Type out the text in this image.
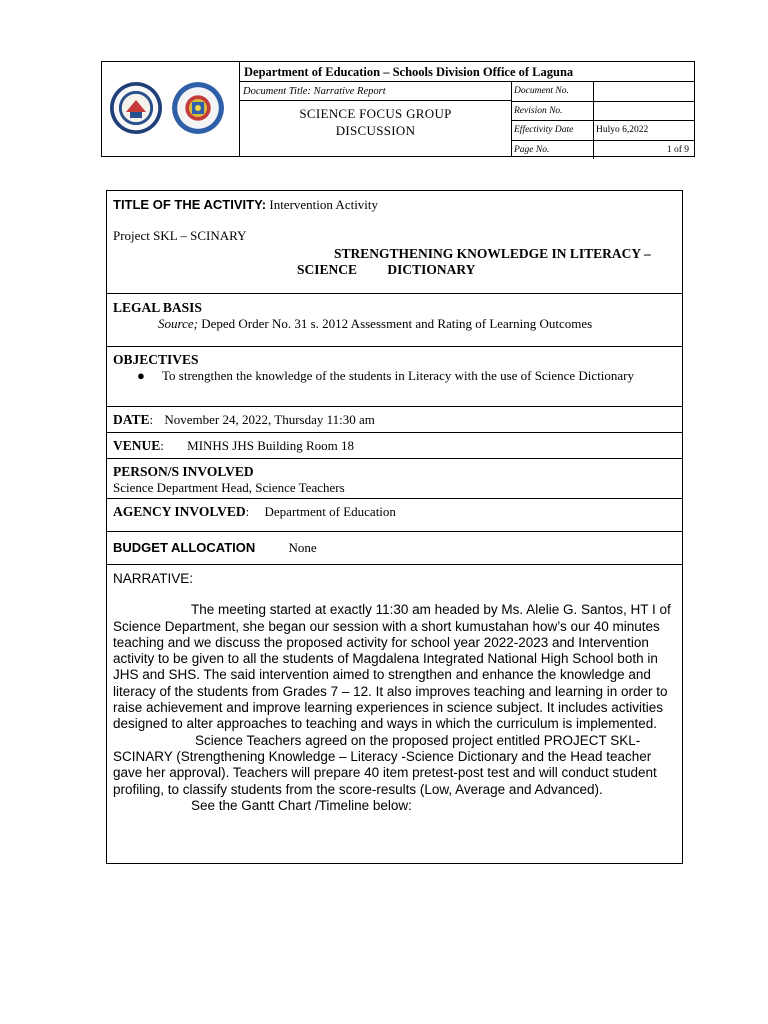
Department of Education – Schools Division Office of Laguna
Document Title: Narrative Report
SCIENCE FOCUS GROUP
DISCUSSION
Document No.
Revision No.
Effectivity Date	Hulyo 6,2022
Page No.	1 of 9
TITLE OF THE ACTIVITY: Intervention Activity
Project SKL – SCINARY
STRENGTHENING KNOWLEDGE IN LITERACY –
SCIENCE         DICTIONARY
LEGAL BASIS
Source; Deped Order No. 31 s. 2012 Assessment and Rating of Learning Outcomes
OBJECTIVES
● To strengthen the knowledge of the students in Literacy with the use of Science Dictionary
DATE: November 24, 2022, Thursday 11:30 am
VENUE: MINHS JHS Building Room 18
PERSON/S INVOLVED
Science Department Head, Science Teachers
AGENCY INVOLVED: Department of Education
BUDGET ALLOCATION	None
NARRATIVE:
The meeting started at exactly 11:30 am headed by Ms. Alelie G. Santos, HT I of Science Department, she began our session with a short kumustahan how’s our 40 minutes teaching and we discuss the proposed activity for school year 2022-2023 and Intervention activity to be given to all the students of Magdalena Integrated National High School both in JHS and SHS. The said intervention aimed to strengthen and enhance the knowledge and literacy of the students from Grades 7 – 12. It also improves teaching and learning in order to raise achievement and improve learning experiences in science subject. It includes activities designed to alter approaches to teaching and ways in which the curriculum is implemented.
Science Teachers agreed on the proposed project entitled PROJECT SKL- SCINARY (Strengthening Knowledge – Literacy -Science Dictionary and the Head teacher gave her approval). Teachers will prepare 40 item pretest-post test and will conduct student profiling, to classify students from the score-results (Low, Average and Advanced).
See the Gantt Chart /Timeline below:
